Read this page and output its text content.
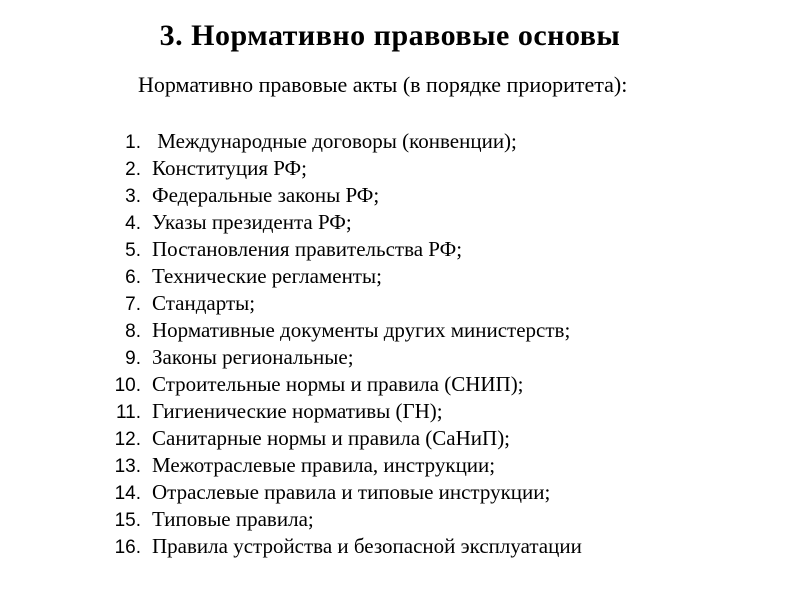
3. Нормативно правовые основы
Нормативно правовые акты (в порядке приоритета):
1. Международные договоры (конвенции);
2. Конституция РФ;
3. Федеральные законы РФ;
4. Указы президента РФ;
5. Постановления правительства РФ;
6. Технические регламенты;
7. Стандарты;
8. Нормативные документы других министерств;
9. Законы региональные;
10. Строительные нормы и правила (СНИП);
11. Гигиенические нормативы (ГН);
12. Санитарные нормы и правила (СаНиП);
13. Межотраслевые правила, инструкции;
14. Отраслевые правила и типовые инструкции;
15. Типовые правила;
16. Правила устройства и безопасной эксплуатации
